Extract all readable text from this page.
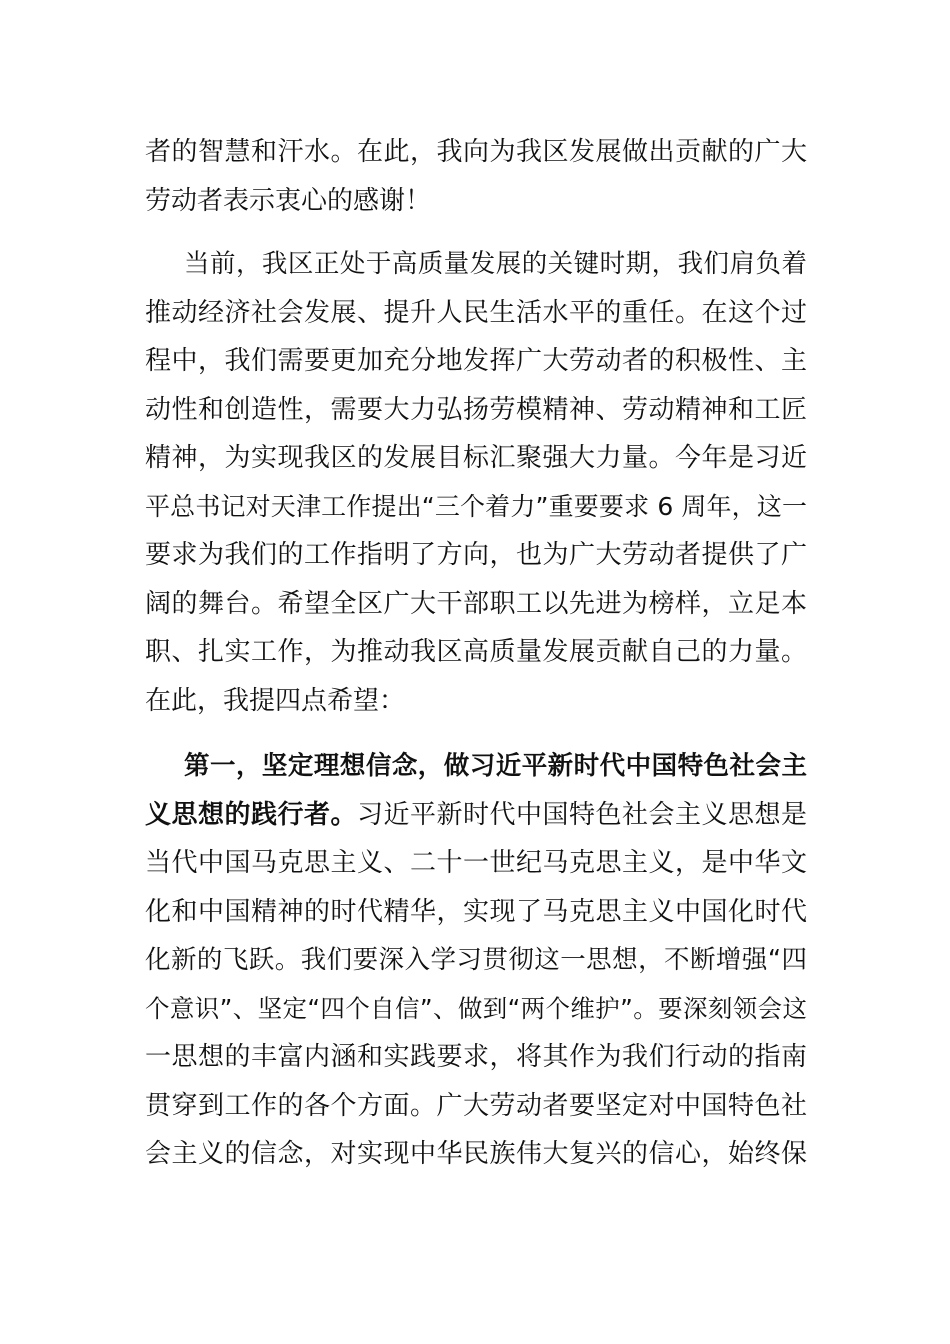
者的智慧和汗水。在此，我向为我区发展做出贡献的广大
劳动者表示衷心的感谢！
当前，我区正处于高质量发展的关键时期，我们肩负着
推动经济社会发展、提升人民生活水平的重任。在这个过
程中，我们需要更加充分地发挥广大劳动者的积极性、主
动性和创造性，需要大力弘扬劳模精神、劳动精神和工匠
精神，为实现我区的发展目标汇聚强大力量。今年是习近
平总书记对天津工作提出“三个着力”重要要求 6 周年，这一
要求为我们的工作指明了方向，也为广大劳动者提供了广
阔的舞台。希望全区广大干部职工以先进为榜样，立足本
职、扎实工作，为推动我区高质量发展贡献自己的力量。
在此，我提四点希望：
第一，坚定理想信念，做习近平新时代中国特色社会主
义思想的践行者。习近平新时代中国特色社会主义思想是
当代中国马克思主义、二十一世纪马克思主义，是中华文
化和中国精神的时代精华，实现了马克思主义中国化时代
化新的飞跃。我们要深入学习贯彻这一思想，不断增强“四
个意识”、坚定“四个自信”、做到“两个维护”。要深刻领会这
一思想的丰富内涵和实践要求，将其作为我们行动的指南
贯穿到工作的各个方面。广大劳动者要坚定对中国特色社
会主义的信念，对实现中华民族伟大复兴的信心，始终保
